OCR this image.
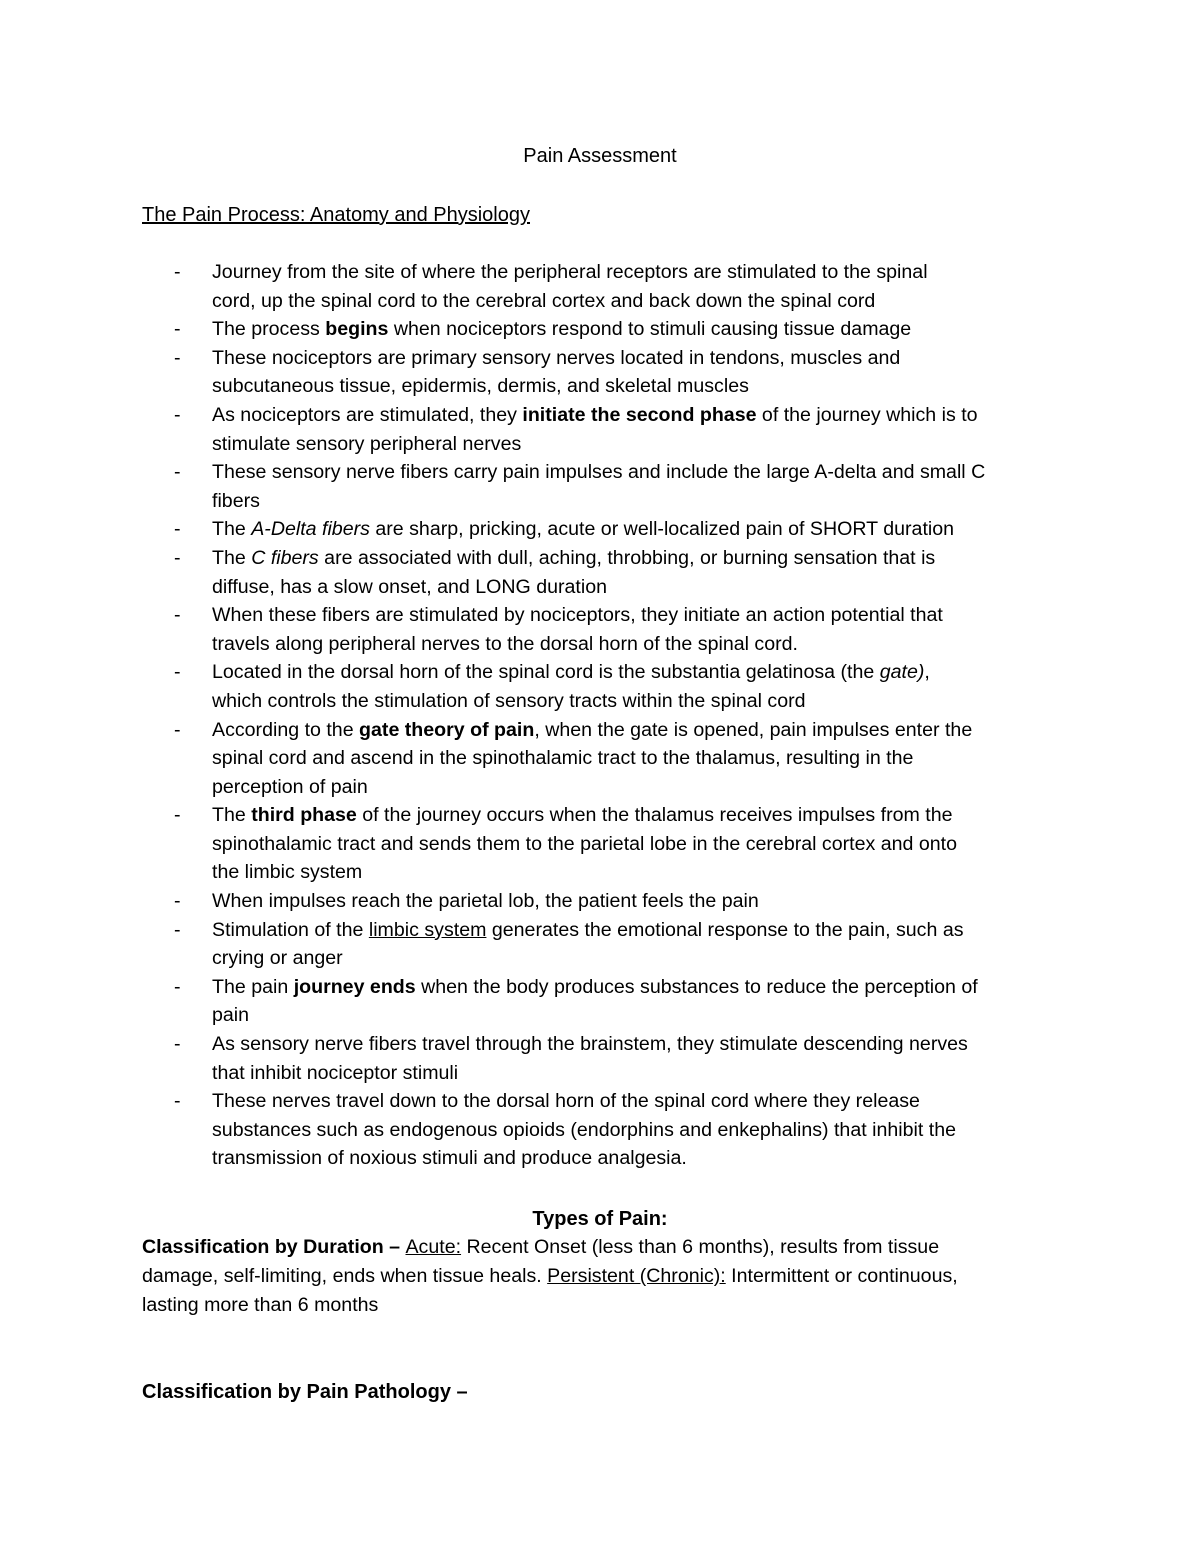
Pain Assessment
The Pain Process: Anatomy and Physiology
- Journey from the site of where the peripheral receptors are stimulated to the spinal
cord, up the spinal cord to the cerebral cortex and back down the spinal cord
- The process begins when nociceptors respond to stimuli causing tissue damage
- These nociceptors are primary sensory nerves located in tendons, muscles and
subcutaneous tissue, epidermis, dermis, and skeletal muscles
- As nociceptors are stimulated, they initiate the second phase of the journey which is to
stimulate sensory peripheral nerves
- These sensory nerve fibers carry pain impulses and include the large A-delta and small C
fibers
- The A-Delta fibers are sharp, pricking, acute or well-localized pain of SHORT duration
- The C fibers are associated with dull, aching, throbbing, or burning sensation that is
diffuse, has a slow onset, and LONG duration
- When these fibers are stimulated by nociceptors, they initiate an action potential that
travels along peripheral nerves to the dorsal horn of the spinal cord.
- Located in the dorsal horn of the spinal cord is the substantia gelatinosa (the gate),
which controls the stimulation of sensory tracts within the spinal cord
- According to the gate theory of pain, when the gate is opened, pain impulses enter the
spinal cord and ascend in the spinothalamic tract to the thalamus, resulting in the
perception of pain
- The third phase of the journey occurs when the thalamus receives impulses from the
spinothalamic tract and sends them to the parietal lobe in the cerebral cortex and onto
the limbic system
- When impulses reach the parietal lob, the patient feels the pain
- Stimulation of the limbic system generates the emotional response to the pain, such as
crying or anger
- The pain journey ends when the body produces substances to reduce the perception of
pain
- As sensory nerve fibers travel through the brainstem, they stimulate descending nerves
that inhibit nociceptor stimuli
- These nerves travel down to the dorsal horn of the spinal cord where they release
substances such as endogenous opioids (endorphins and enkephalins) that inhibit the
transmission of noxious stimuli and produce analgesia.
Types of Pain:
Classification by Duration – Acute: Recent Onset (less than 6 months), results from tissue
damage, self-limiting, ends when tissue heals. Persistent (Chronic): Intermittent or continuous,
lasting more than 6 months
Classification by Pain Pathology –
